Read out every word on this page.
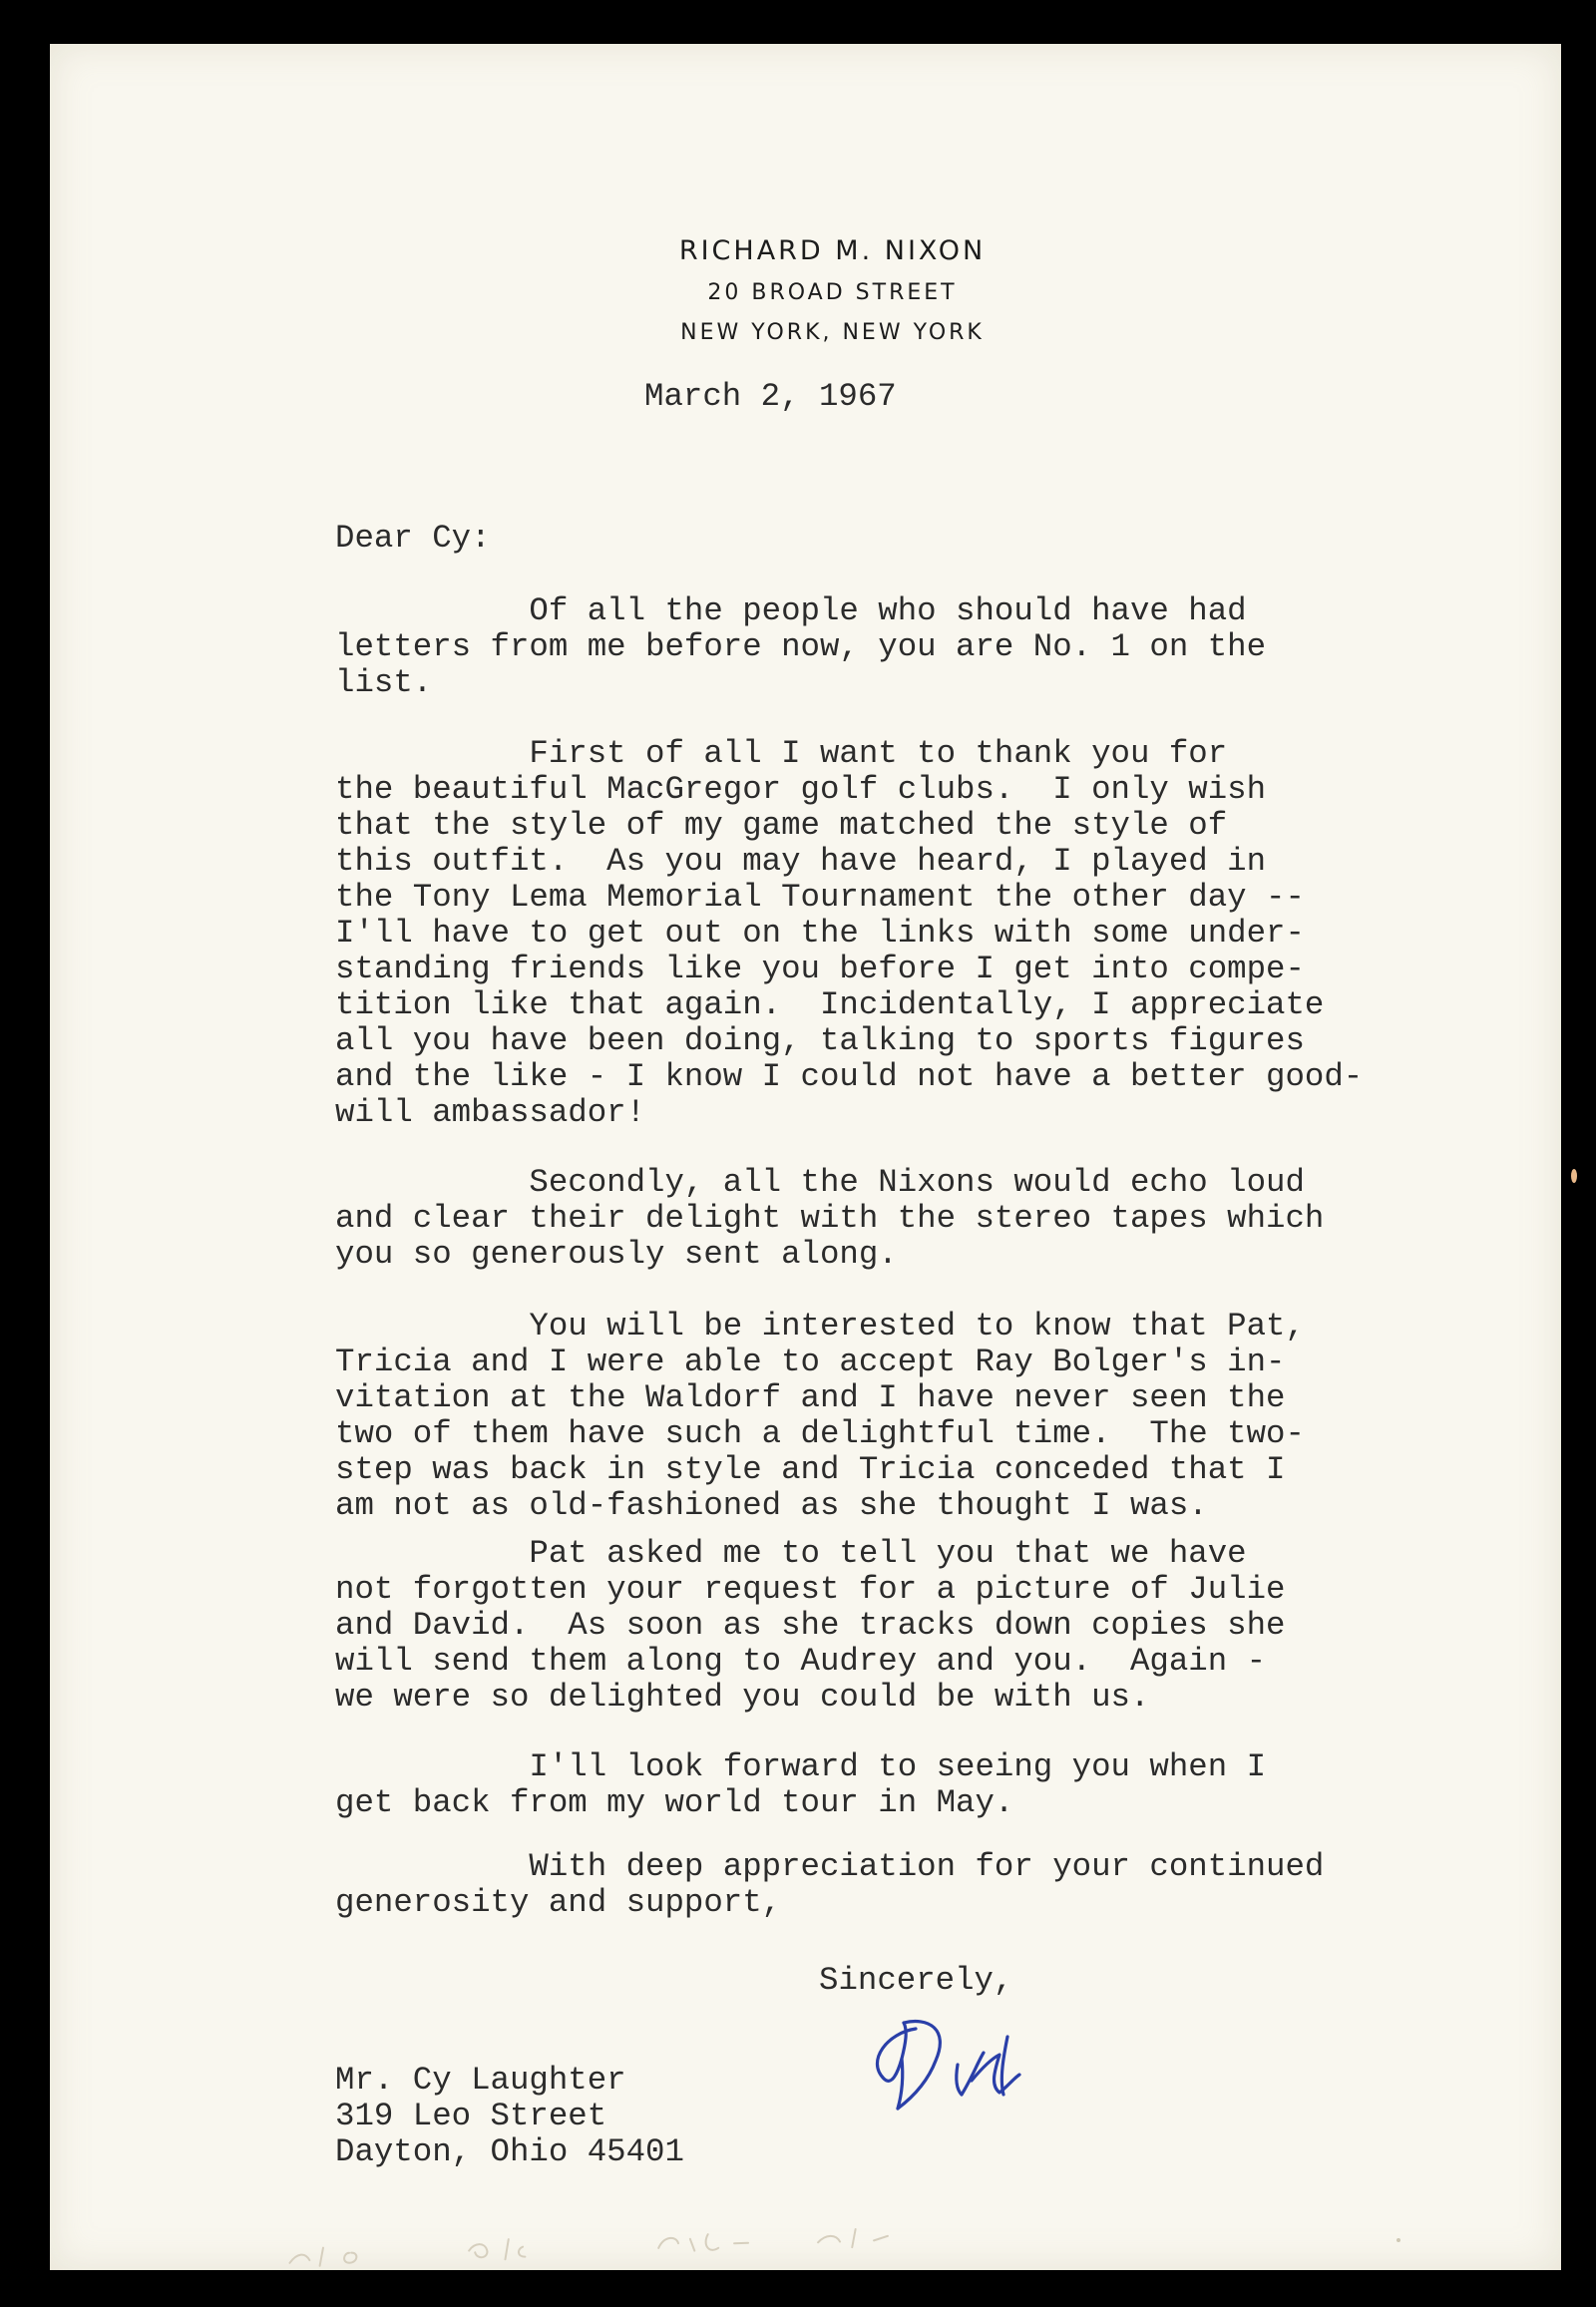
RICHARD M. NIXON
20 BROAD STREET
NEW YORK, NEW YORK

March 2, 1967

Dear Cy:

Of all the people who should have had
letters from me before now, you are No. 1 on the
list.

First of all I want to thank you for
the beautiful MacGregor golf clubs.  I only wish
that the style of my game matched the style of
this outfit.  As you may have heard, I played in
the Tony Lema Memorial Tournament the other day --
I'll have to get out on the links with some under-
standing friends like you before I get into compe-
tition like that again.  Incidentally, I appreciate
all you have been doing, talking to sports figures
and the like - I know I could not have a better good-
will ambassador!

Secondly, all the Nixons would echo loud
and clear their delight with the stereo tapes which
you so generously sent along.

You will be interested to know that Pat,
Tricia and I were able to accept Ray Bolger's in-
vitation at the Waldorf and I have never seen the
two of them have such a delightful time.  The two-
step was back in style and Tricia conceded that I
am not as old-fashioned as she thought I was.

Pat asked me to tell you that we have
not forgotten your request for a picture of Julie
and David.  As soon as she tracks down copies she
will send them along to Audrey and you.  Again -
we were so delighted you could be with us.

I'll look forward to seeing you when I
get back from my world tour in May.

With deep appreciation for your continued
generosity and support,

Sincerely,

Mr. Cy Laughter

319 Leo Street

Dayton, Ohio 45401
